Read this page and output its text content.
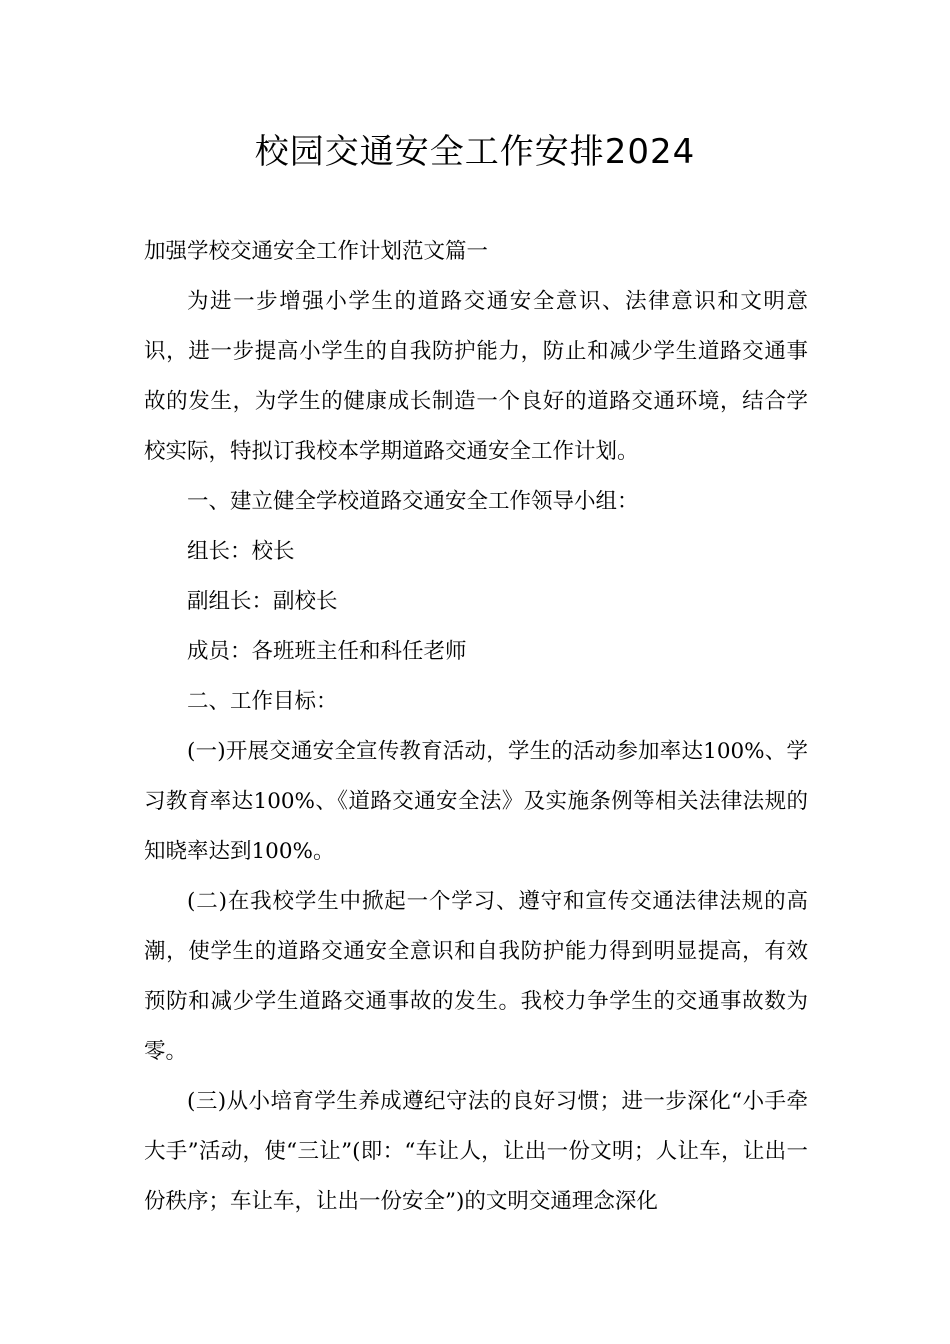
校园交通安全工作安排2024

加强学校交通安全工作计划范文篇一

为进一步增强小学生的道路交通安全意识、法律意识和文明意识，进一步提高小学生的自我防护能力，防止和减少学生道路交通事故的发生，为学生的健康成长制造一个良好的道路交通环境，结合学校实际，特拟订我校本学期道路交通安全工作计划。

一、建立健全学校道路交通安全工作领导小组：

组长：校长

副组长：副校长

成员：各班班主任和科任老师

二、工作目标：

(一)开展交通安全宣传教育活动，学生的活动参加率达100%、学习教育率达100%、《道路交通安全法》及实施条例等相关法律法规的知晓率达到100%。

(二)在我校学生中掀起一个学习、遵守和宣传交通法律法规的高潮，使学生的道路交通安全意识和自我防护能力得到明显提高，有效预防和减少学生道路交通事故的发生。我校力争学生的交通事故数为零。

(三)从小培育学生养成遵纪守法的良好习惯；进一步深化“小手牵大手”活动，使“三让”(即：“车让人，让出一份文明；人让车，让出一份秩序；车让车，让出一份安全”)的文明交通理念深化
